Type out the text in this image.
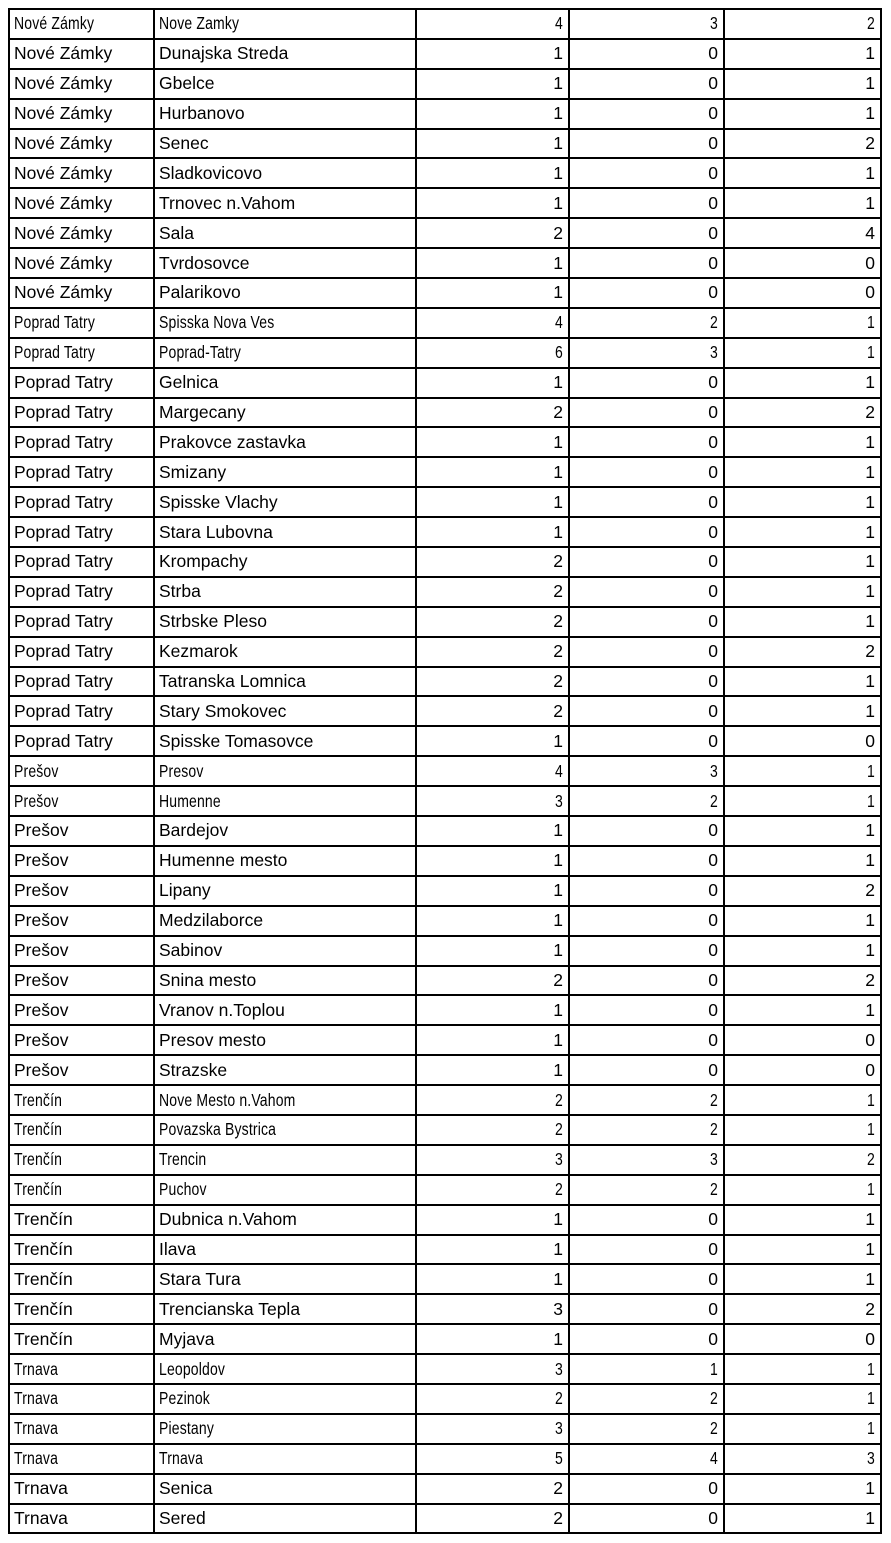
Nové Zámky	Nove Zamky	4	3	2
Nové Zámky	Dunajska Streda	1	0	1
Nové Zámky	Gbelce	1	0	1
Nové Zámky	Hurbanovo	1	0	1
Nové Zámky	Senec	1	0	2
Nové Zámky	Sladkovicovo	1	0	1
Nové Zámky	Trnovec n.Vahom	1	0	1
Nové Zámky	Sala	2	0	4
Nové Zámky	Tvrdosovce	1	0	0
Nové Zámky	Palarikovo	1	0	0
Poprad Tatry	Spisska Nova Ves	4	2	1
Poprad Tatry	Poprad-Tatry	6	3	1
Poprad Tatry	Gelnica	1	0	1
Poprad Tatry	Margecany	2	0	2
Poprad Tatry	Prakovce zastavka	1	0	1
Poprad Tatry	Smizany	1	0	1
Poprad Tatry	Spisske Vlachy	1	0	1
Poprad Tatry	Stara Lubovna	1	0	1
Poprad Tatry	Krompachy	2	0	1
Poprad Tatry	Strba	2	0	1
Poprad Tatry	Strbske Pleso	2	0	1
Poprad Tatry	Kezmarok	2	0	2
Poprad Tatry	Tatranska Lomnica	2	0	1
Poprad Tatry	Stary Smokovec	2	0	1
Poprad Tatry	Spisske Tomasovce	1	0	0
Prešov	Presov	4	3	1
Prešov	Humenne	3	2	1
Prešov	Bardejov	1	0	1
Prešov	Humenne mesto	1	0	1
Prešov	Lipany	1	0	2
Prešov	Medzilaborce	1	0	1
Prešov	Sabinov	1	0	1
Prešov	Snina mesto	2	0	2
Prešov	Vranov n.Toplou	1	0	1
Prešov	Presov mesto	1	0	0
Prešov	Strazske	1	0	0
Trenčín	Nove Mesto n.Vahom	2	2	1
Trenčín	Povazska Bystrica	2	2	1
Trenčín	Trencin	3	3	2
Trenčín	Puchov	2	2	1
Trenčín	Dubnica n.Vahom	1	0	1
Trenčín	Ilava	1	0	1
Trenčín	Stara Tura	1	0	1
Trenčín	Trencianska Tepla	3	0	2
Trenčín	Myjava	1	0	0
Trnava	Leopoldov	3	1	1
Trnava	Pezinok	2	2	1
Trnava	Piestany	3	2	1
Trnava	Trnava	5	4	3
Trnava	Senica	2	0	1
Trnava	Sered	2	0	1
